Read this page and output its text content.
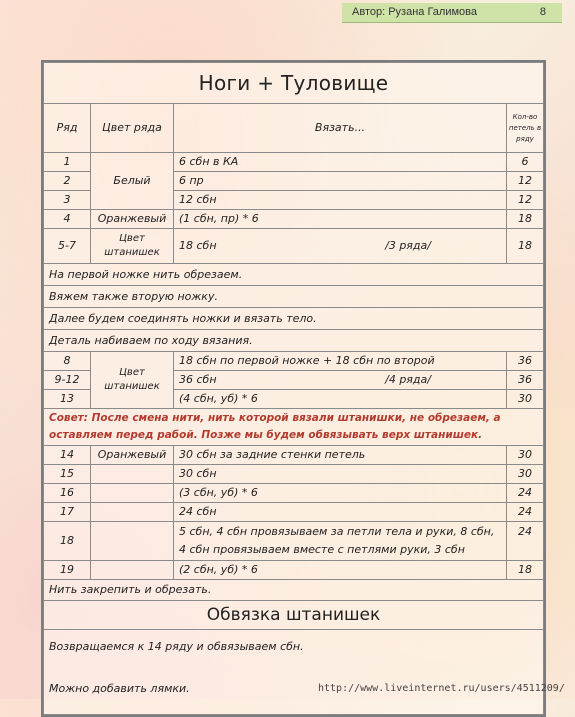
Автор: Рузана Галимова	8
Ноги + Туловище			
Ряд	Цвет ряда	Вязать...	Кол-во петель в ряду
1	Белый	6 сбн в КА	6
2		6 пр	12
3		12 сбн	12
4	Оранжевый	(1 сбн, пр) * 6	18
5-7	Цвет штанишек	18 сбн /3 ряда/	18
На первой ножке нить обрезаем.			
Вяжем также вторую ножку.			
Далее будем соединять ножки и вязать тело.			
Деталь набиваем по ходу вязания.			
8	Цвет штанишек	18 сбн по первой ножке + 18 сбн по второй	36
9-12		36 сбн /4 ряда/	36
13		(4 сбн, уб) * 6	30
Совет: После смена нити, нить которой вязали штанишки, не обрезаем, а оставляем перед рабой. Позже мы будем обвязывать верх штанишек.			
14	Оранжевый	30 сбн за задние стенки петель	30
15		30 сбн	30
16		(3 сбн, уб) * 6	24
17		24 сбн	24
18		5 сбн, 4 сбн провязываем за петли тела и руки, 8 сбн,
4 сбн провязываем вместе с петлями руки, 3 сбн	24
19		(2 сбн, уб) * 6	18
Нить закрепить и обрезать.			
Обвязка штанишек			

Возвращаемся к 14 ряду и обвязываем сбн.
Можно добавить лямки.				http://www.liveinternet.ru/users/4511209/
